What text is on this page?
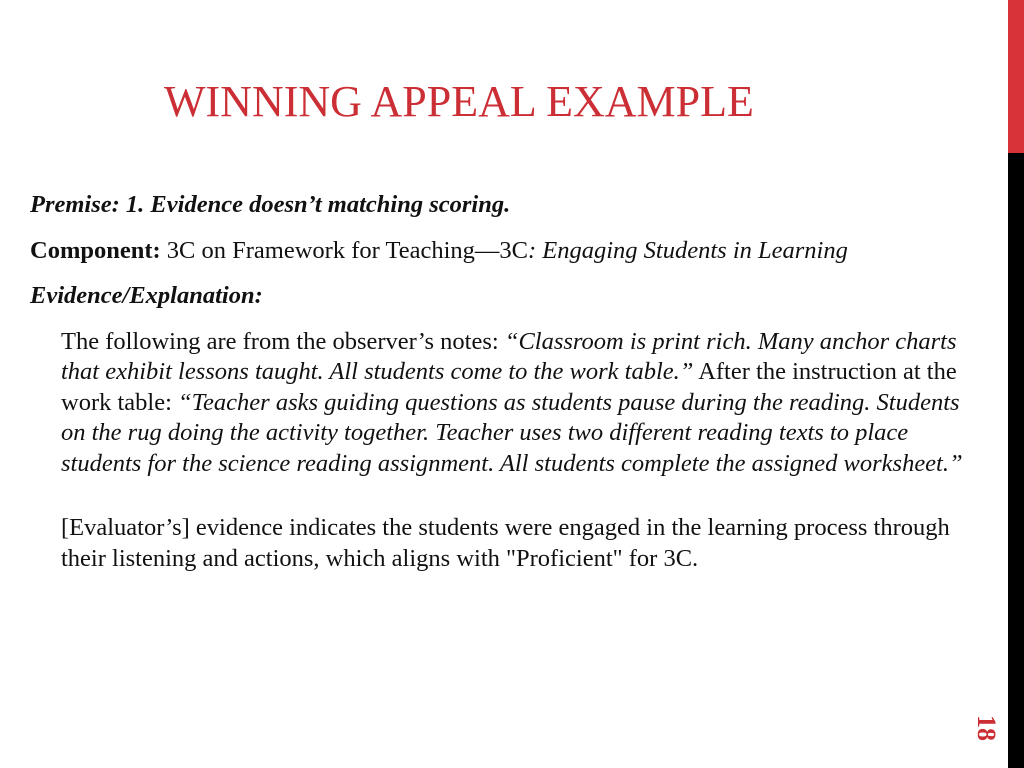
WINNING APPEAL EXAMPLE

Premise: 1. Evidence doesn’t matching scoring.

Component: 3C on Framework for Teaching—3C: Engaging Students in Learning

Evidence/Explanation:

The following are from the observer’s notes: “Classroom is print rich. Many anchor charts that exhibit lessons taught. All students come to the work table.” After the instruction at the work table: “Teacher asks guiding questions as students pause during the reading. Students on the rug doing the activity together. Teacher uses two different reading texts to place students for the science reading assignment. All students complete the assigned worksheet.”

[Evaluator’s] evidence indicates the students were engaged in the learning process through their listening and actions, which aligns with "Proficient" for 3C.

18
